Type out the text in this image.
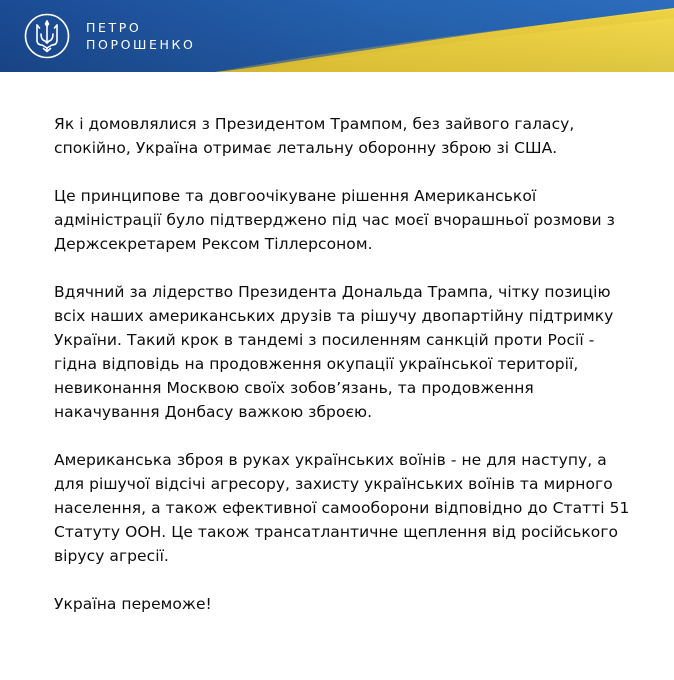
ПЕТРО
ПОРОШЕНКО

Як і домовлялися з Президентом Трампом, без зайвого галасу,
спокійно, Україна отримає летальну оборонну зброю зі США.

Це принципове та довгоочікуване рішення Американської
адміністрації було підтверджено під час моєї вчорашньої розмови з
Держсекретарем Рексом Тіллерсоном.

Вдячний за лідерство Президента Дональда Трампа, чітку позицію
всіх наших американських друзів та рішучу двопартійну підтримку
України. Такий крок в тандемі з посиленням санкцій проти Росії -
гідна відповідь на продовження окупації української території,
невиконання Москвою своїх зобов’язань, та продовження
накачування Донбасу важкою зброєю.

Американська зброя в руках українських воїнів - не для наступу, а
для рішучої відсічі агресору, захисту українських воїнів та мирного
населення, а також ефективної самооборони відповідно до Статті 51
Статуту ООН. Це також трансатлантичне щеплення від російського
вірусу агресії.

Україна переможе!
